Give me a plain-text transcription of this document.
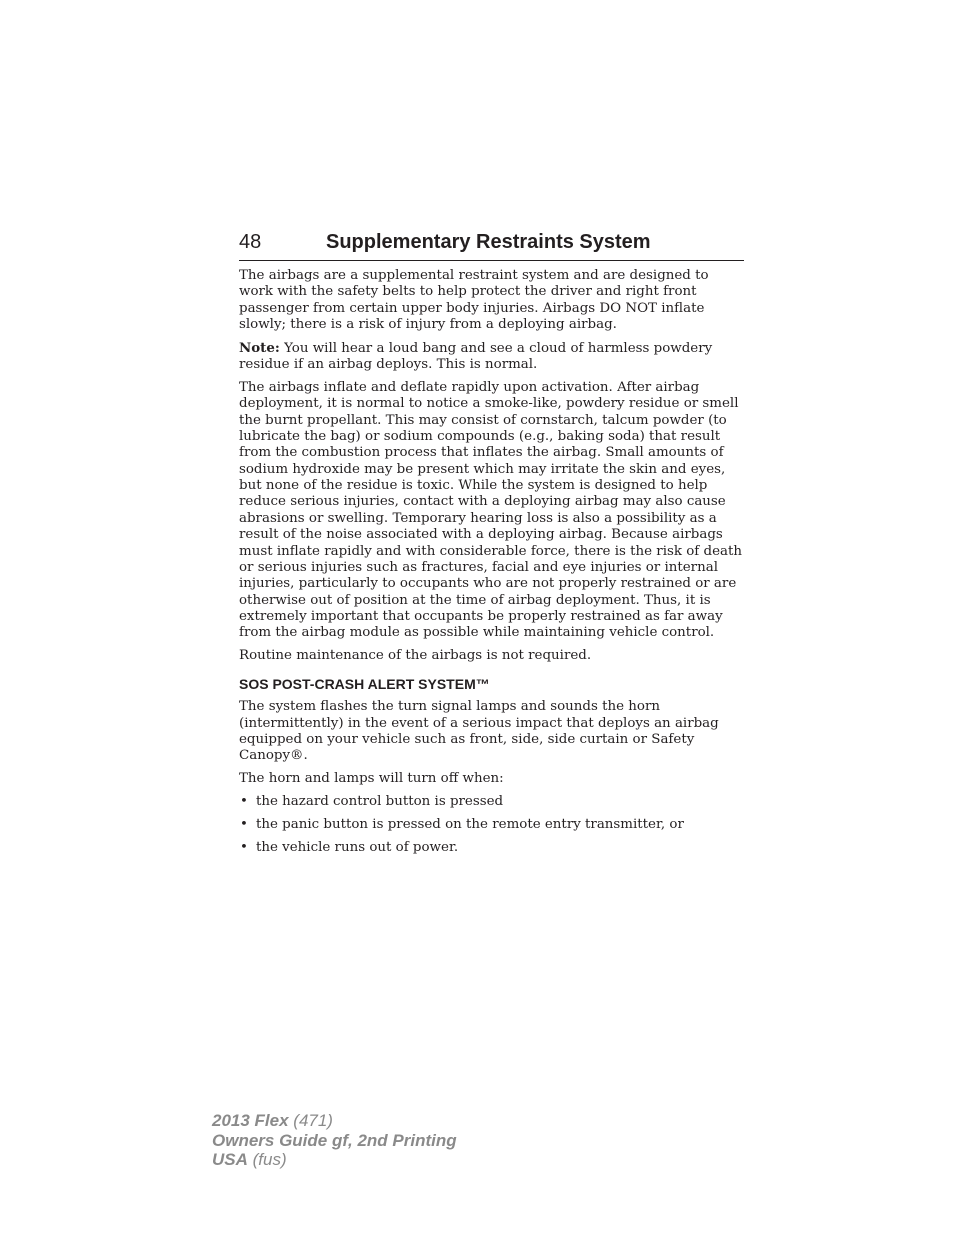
48	Supplementary Restraints System

The airbags are a supplemental restraint system and are designed to work with the safety belts to help protect the driver and right front passenger from certain upper body injuries. Airbags DO NOT inflate slowly; there is a risk of injury from a deploying airbag.

Note: You will hear a loud bang and see a cloud of harmless powdery residue if an airbag deploys. This is normal.

The airbags inflate and deflate rapidly upon activation. After airbag deployment, it is normal to notice a smoke-like, powdery residue or smell the burnt propellant. This may consist of cornstarch, talcum powder (to lubricate the bag) or sodium compounds (e.g., baking soda) that result from the combustion process that inflates the airbag. Small amounts of sodium hydroxide may be present which may irritate the skin and eyes, but none of the residue is toxic. While the system is designed to help reduce serious injuries, contact with a deploying airbag may also cause abrasions or swelling. Temporary hearing loss is also a possibility as a result of the noise associated with a deploying airbag. Because airbags must inflate rapidly and with considerable force, there is the risk of death or serious injuries such as fractures, facial and eye injuries or internal injuries, particularly to occupants who are not properly restrained or are otherwise out of position at the time of airbag deployment. Thus, it is extremely important that occupants be properly restrained as far away from the airbag module as possible while maintaining vehicle control.

Routine maintenance of the airbags is not required.

SOS POST-CRASH ALERT SYSTEM™

The system flashes the turn signal lamps and sounds the horn (intermittently) in the event of a serious impact that deploys an airbag equipped on your vehicle such as front, side, side curtain or Safety Canopy®.

The horn and lamps will turn off when:

• the hazard control button is pressed
• the panic button is pressed on the remote entry transmitter, or
• the vehicle runs out of power.
2013 Flex (471)
Owners Guide gf, 2nd Printing
USA (fus)
